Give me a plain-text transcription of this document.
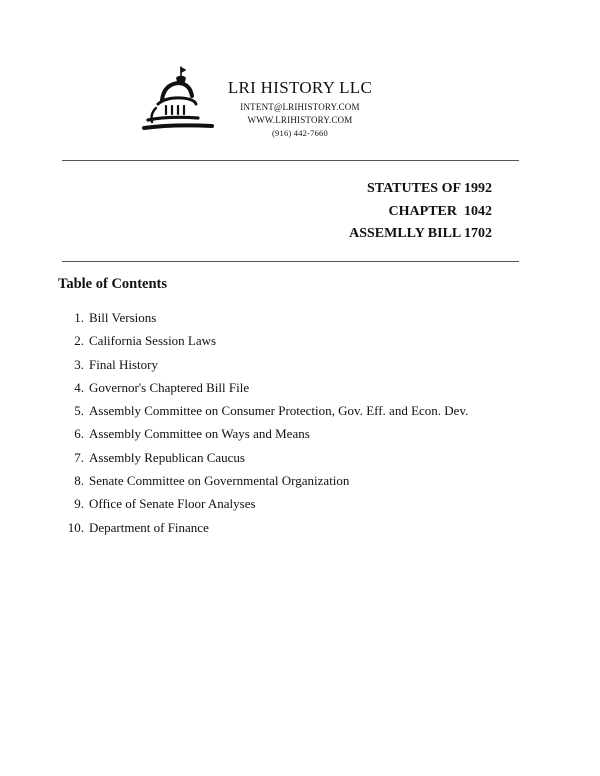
LRI HISTORY LLC
INTENT@LRIHISTORY.COM
WWW.LRIHISTORY.COM
(916) 442-7660
STATUTES OF 1992
CHAPTER  1042
ASSEMLLY BILL 1702
Table of Contents
1. Bill Versions
2. California Session Laws
3. Final History
4. Governor's Chaptered Bill File
5. Assembly Committee on Consumer Protection, Gov. Eff. and Econ. Dev.
6. Assembly Committee on Ways and Means
7. Assembly Republican Caucus
8. Senate Committee on Governmental Organization
9. Office of Senate Floor Analyses
10. Department of Finance
